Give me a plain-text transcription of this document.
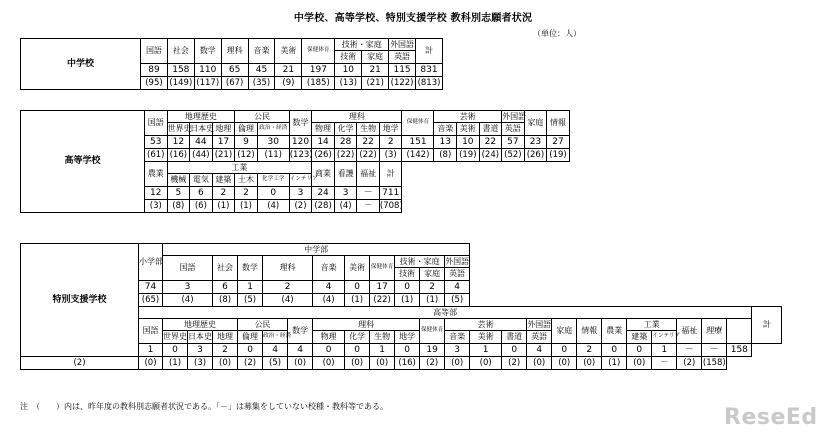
中学校、高等学校、特別支援学校 教科別志願者状況
（単位：人）
中学校	国語	社会	数学	理科	音楽	美術	保健体育	技術・家庭		外国語	計
								技術	家庭	英語	
	89	158	110	65	45	21	197	10	21	115	831
	(95)	(149)	(117)	(67)	(35)	(9)	(185)	(13)	(21)	(122)	(813)
高等学校	国語	地理歴史			公民		数学	理科				保健体育	芸術			外国語	家庭	情報	
		世界史	日本史	地理	倫理	政治・経済		物理	化学	生物	地学		音楽	美術	書道	英語			
	53	12	44	17	9	30	120	14	28	22	2	151	13	10	22	57	23	27	
	(61)	(16)	(44)	(21)	(12)	(11)	(123)	(26)	(22)	(22)	(3)	(142)	(8)	(19)	(24)	(52)	(26)	(19)	
	農業	工業						商業	看護	福祉	計								
		機械	電気	建築	土木	化学工学	インテリア												
	12	5	6	2	2	0	3	24	3	－	711								
	(3)	(8)	(6)	(1)	(1)	(4)	(2)	(28)	(4)	－	(708)								
特別支援学校	小学部	中学部																							
		国語		社会	数学	理科		音楽	美術	保健体育	技術・家庭		外国語												
											技術	家庭	英語												
	74	3		6	1	2		4	0	17	0	2	4												
	(65)	(4)		(8)	(5)	(4)		(4)	(1)	(22)	(1)	(1)	(5)												
	高等部																								計
	国語	地理歴史			公民		数学	理科				保健体育	芸術			外国語	家庭	情報	農業	工業		福祉	理療		
		世界史	日本史	地理	倫理	政治・経済		物理	化学	生物	地学		音楽	美術	書道	英語				建築	インテリア				
	1	0	3	2	0	4	4	0	0	1	0	19	3	1	0	4	0	2	0	0	1	－	－	158	
(2)	(0)	(1)	(3)	(0)	(2)	(5)	(0)	(0)	(0)	(0)	(16)	(2)	(0)	(0)	(2)	(0)	(0)	(0)	(1)	(0)	－	(2)	(158)		
注　（　　）内は、昨年度の教科別志願者状況である。「－」は募集をしていない校種・教科等である。	ReseEd
